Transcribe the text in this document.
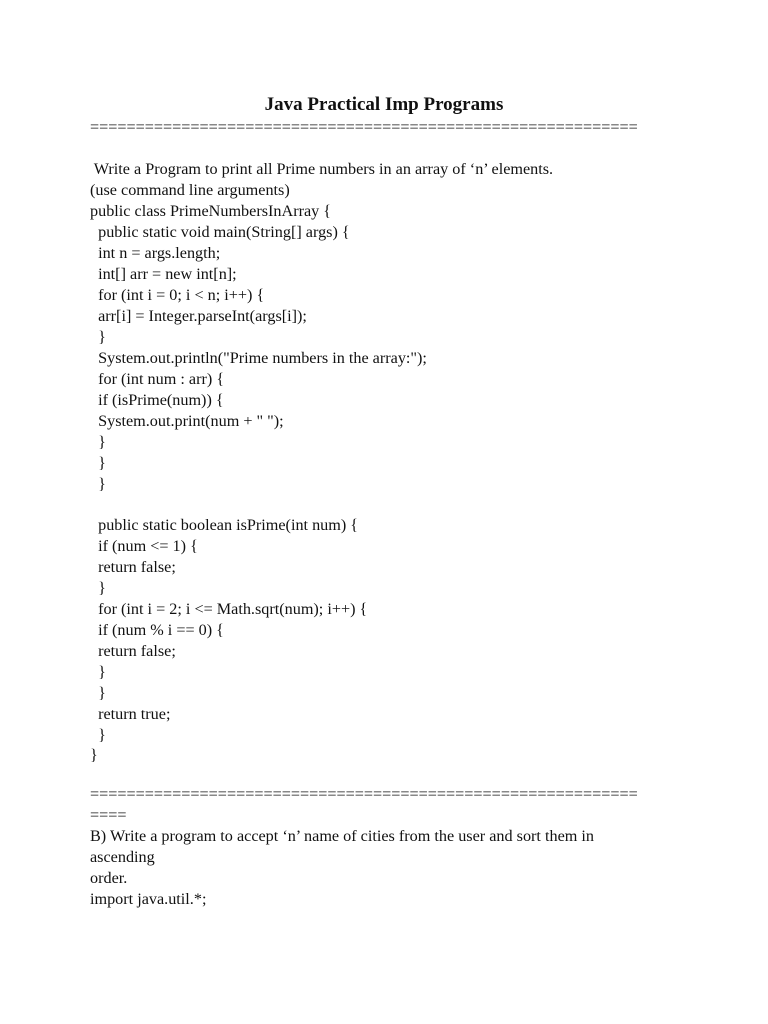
Java Practical Imp Programs
============================================================
Write a Program to print all Prime numbers in an array of ‘n’ elements.
(use command line arguments)
public class PrimeNumbersInArray {
public static void main(String[] args) {
int n = args.length;
int[] arr = new int[n];
for (int i = 0; i < n; i++) {
arr[i] = Integer.parseInt(args[i]);
}
System.out.println("Prime numbers in the array:");
for (int num : arr) {
if (isPrime(num)) {
System.out.print(num + " ");
}
}
}
public static boolean isPrime(int num) {
if (num <= 1) {
return false;
}
for (int i = 2; i <= Math.sqrt(num); i++) {
if (num % i == 0) {
return false;
}
}
return true;
}
}
============================================================
====
B) Write a program to accept ‘n’ name of cities from the user and sort them in
ascending
order.
import java.util.*;
